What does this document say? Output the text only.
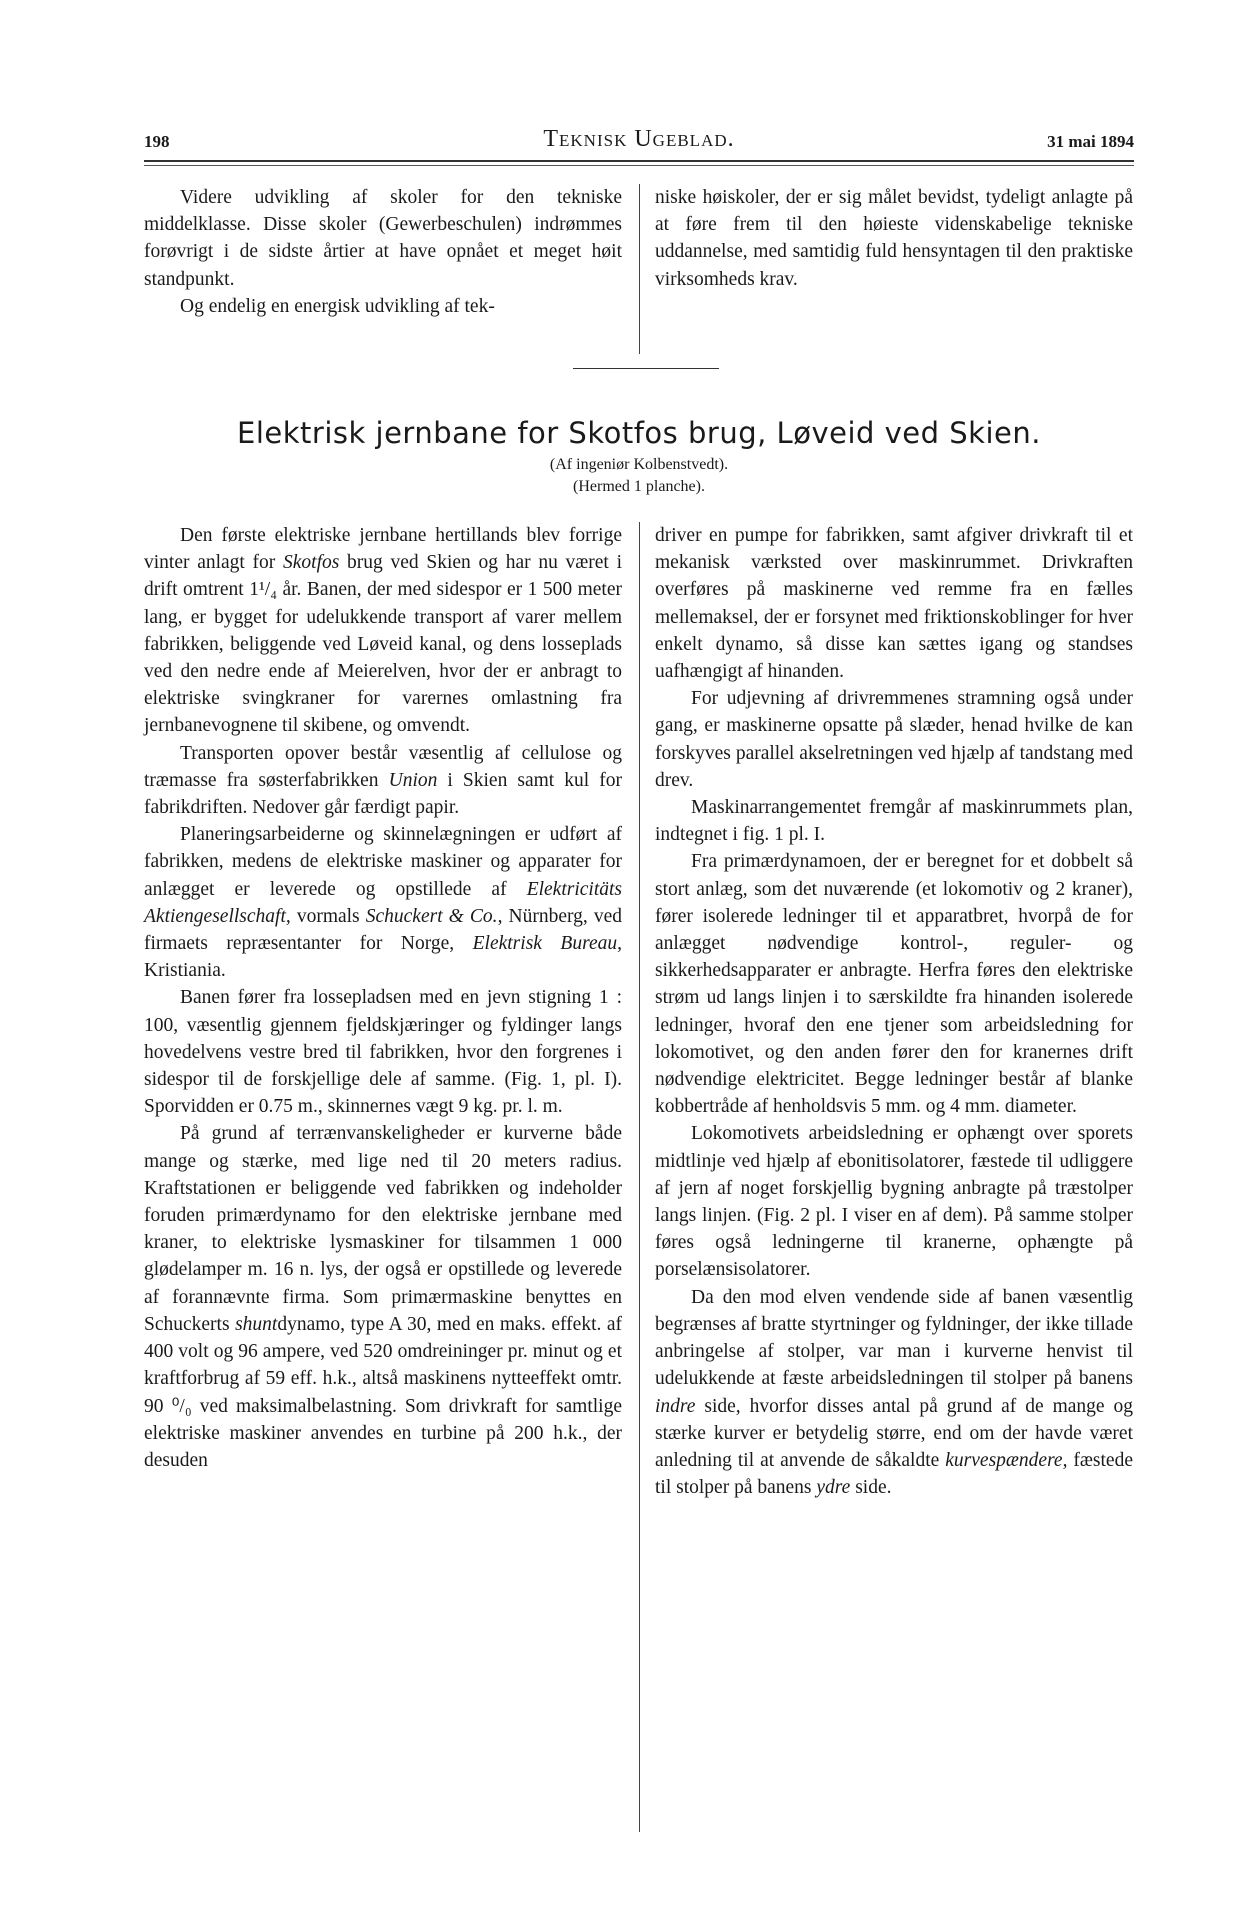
198	Teknisk Ugeblad.	31 mai 1894

Videre udvikling af skoler for den tekniske middelklasse. Disse skoler (Gewerbeschulen) indrømmes forøvrigt i de sidste årtier at have opnået et meget høit standpunkt.

Og endelig en energisk udvikling af tek-

niske høiskoler, der er sig målet bevidst, tydeligt anlagte på at føre frem til den høieste videnskabelige tekniske uddannelse, med samtidig fuld hensyntagen til den praktiske virksomheds krav.

Elektrisk jernbane for Skotfos brug, Løveid ved Skien.
(Af ingeniør Kolbenstvedt).
(Hermed 1 planche).

Den første elektriske jernbane hertillands blev forrige vinter anlagt for Skotfos brug ved Skien og har nu været i drift omtrent 1¹/₄ år. Banen, der med sidespor er 1 500 meter lang, er bygget for udelukkende transport af varer mellem fabrikken, beliggende ved Løveid kanal, og dens losseplads ved den nedre ende af Meierelven, hvor der er anbragt to elektriske svingkraner for varernes omlastning fra jernbanevognene til skibene, og omvendt.

Transporten opover består væsentlig af cellulose og træmasse fra søsterfabrikken Union i Skien samt kul for fabrikdriften. Nedover går færdigt papir.

Planeringsarbeiderne og skinnelægningen er udført af fabrikken, medens de elektriske maskiner og apparater for anlægget er leverede og opstillede af Elektricitäts Aktiengesellschaft, vormals Schuckert & Co., Nürnberg, ved firmaets repræsentanter for Norge, Elektrisk Bureau, Kristiania.

Banen fører fra lossepladsen med en jevn stigning 1 : 100, væsentlig gjennem fjeldskjæringer og fyldinger langs hovedelvens vestre bred til fabrikken, hvor den forgrenes i sidespor til de forskjellige dele af samme. (Fig. 1, pl. I). Sporvidden er 0.75 m., skinnernes vægt 9 kg. pr. l. m.

På grund af terrænvanskeligheder er kurverne både mange og stærke, med lige ned til 20 meters radius. Kraftstationen er beliggende ved fabrikken og indeholder foruden primærdynamo for den elektriske jernbane med kraner, to elektriske lysmaskiner for tilsammen 1 000 glødelamper m. 16 n. lys, der også er opstillede og leverede af forannævnte firma. Som primærmaskine benyttes en Schuckerts shuntdynamo, type A 30, med en maks. effekt. af 400 volt og 96 ampere, ved 520 omdreininger pr. minut og et kraftforbrug af 59 eff. h.k., altså maskinens nytteeffekt omtr. 90 ⁰/₀ ved maksimalbelastning. Som drivkraft for samtlige elektriske maskiner anvendes en turbine på 200 h.k., der desuden

driver en pumpe for fabrikken, samt afgiver drivkraft til et mekanisk værksted over maskinrummet. Drivkraften overføres på maskinerne ved remme fra en fælles mellemaksel, der er forsynet med friktionskoblinger for hver enkelt dynamo, så disse kan sættes igang og standses uafhængigt af hinanden.

For udjevning af drivremmenes stramning også under gang, er maskinerne opsatte på slæder, henad hvilke de kan forskyves parallel akselretningen ved hjælp af tandstang med drev.

Maskinarrangementet fremgår af maskinrummets plan, indtegnet i fig. 1 pl. I.

Fra primærdynamoen, der er beregnet for et dobbelt så stort anlæg, som det nuværende (et lokomotiv og 2 kraner), fører isolerede ledninger til et apparatbret, hvorpå de for anlægget nødvendige kontrol-, reguler- og sikkerhedsapparater er anbragte. Herfra føres den elektriske strøm ud langs linjen i to særskildte fra hinanden isolerede ledninger, hvoraf den ene tjener som arbeidsledning for lokomotivet, og den anden fører den for kranernes drift nødvendige elektricitet. Begge ledninger består af blanke kobbertråde af henholdsvis 5 mm. og 4 mm. diameter.

Lokomotivets arbeidsledning er ophængt over sporets midtlinje ved hjælp af ebonitisolatorer, fæstede til udliggere af jern af noget forskjellig bygning anbragte på træstolper langs linjen. (Fig. 2 pl. I viser en af dem). På samme stolper føres også ledningerne til kranerne, ophængte på porselænsisolatorer.

Da den mod elven vendende side af banen væsentlig begrænses af bratte styrtninger og fyldninger, der ikke tillade anbringelse af stolper, var man i kurverne henvist til udelukkende at fæste arbeidsledningen til stolper på banens indre side, hvorfor disses antal på grund af de mange og stærke kurver er betydelig større, end om der havde været anledning til at anvende de såkaldte kurvespændere, fæstede til stolper på banens ydre side.
